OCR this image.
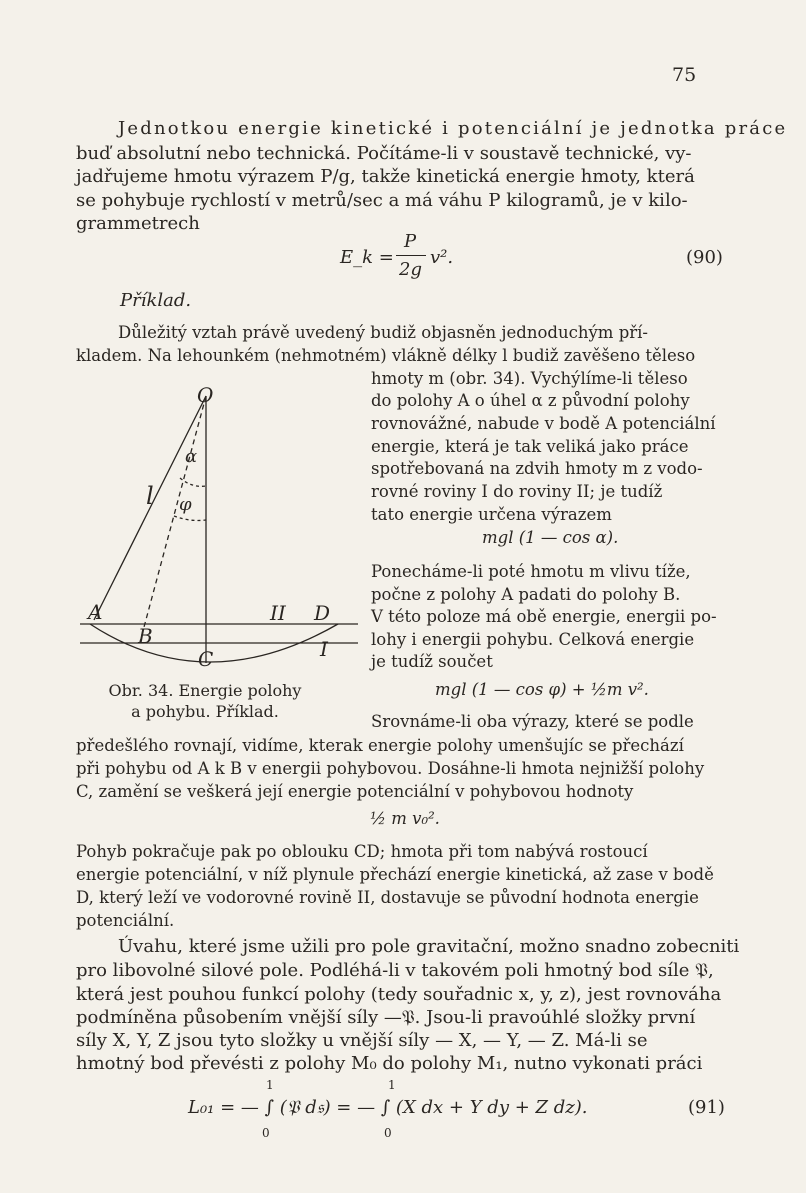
75
Jednotkou energie kinetické i potenciální je jednotka práce
buď absolutní nebo technická. Počítáme-li v soustavě technické, vy-
jadřujeme hmotu výrazem P/g, takže kinetická energie hmoty, která
se pohybuje rychlostí v metrů/sec a má váhu P kilogramů, je v kilo-
grammetrech
E_k =
P
2g
v².	(90)
Příklad.
Důležitý vztah právě uvedený budiž objasněn jednoduchým pří-
kladem. Na lehounkém (nehmotném) vlákně délky l budiž zavěšeno těleso
hmoty m (obr. 34). Vychýlíme-li těleso
do polohy A o úhel α z původní polohy
rovnovážné, nabude v bodě A potenciální
energie, která je tak veliká jako práce
spotřebovaná na zdvih hmoty m z vodo-
rovné roviny I do roviny II; je tudíž
tato energie určena výrazem
mgl (1 — cos α).
Ponecháme-li poté hmotu m vlivu tíže,
počne z polohy A padati do polohy B.
V této poloze má obě energie, energii po-
lohy i energii pohybu. Celková energie
je tudíž součet
mgl (1 — cos φ) + ½m v².
O
α
l φ
A
B
C
II D
I
Obr. 34. Energie polohy
a pohybu. Příklad.
Srovnáme-li oba výrazy, které se podle
předešlého rovnají, vidíme, kterak energie polohy umenšujíc se přechází
při pohybu od A k B v energii pohybovou. Dosáhne-li hmota nejnižší polohy
C, zamění se veškerá její energie potenciální v pohybovou hodnoty
½ m v₀².
Pohyb pokračuje pak po oblouku CD; hmota při tom nabývá rostoucí
energie potenciální, v níž plynule přechází energie kinetická, až zase v bodě
D, který leží ve vodorovné rovině II, dostavuje se původní hodnota energie
potenciální.
Úvahu, které jsme užili pro pole gravitační, možno snadno zobecniti
pro libovolné silové pole. Podléhá-li v takovém poli hmotný bod síle 𝔓,
která jest pouhou funkcí polohy (tedy souřadnic x, y, z), jest rovnováha
podmíněna působením vnější síly —𝔓. Jsou-li pravoúhlé složky první
síly X, Y, Z jsou tyto složky u vnější síly — X, — Y, — Z. Má-li se
hmotný bod převésti z polohy M₀ do polohy M₁, nutno vykonati práci
1	1
L₀₁ = — ∫ (𝔓 d𝔰) = — ∫ (X dx + Y dy + Z dz).
0	0
(91)
